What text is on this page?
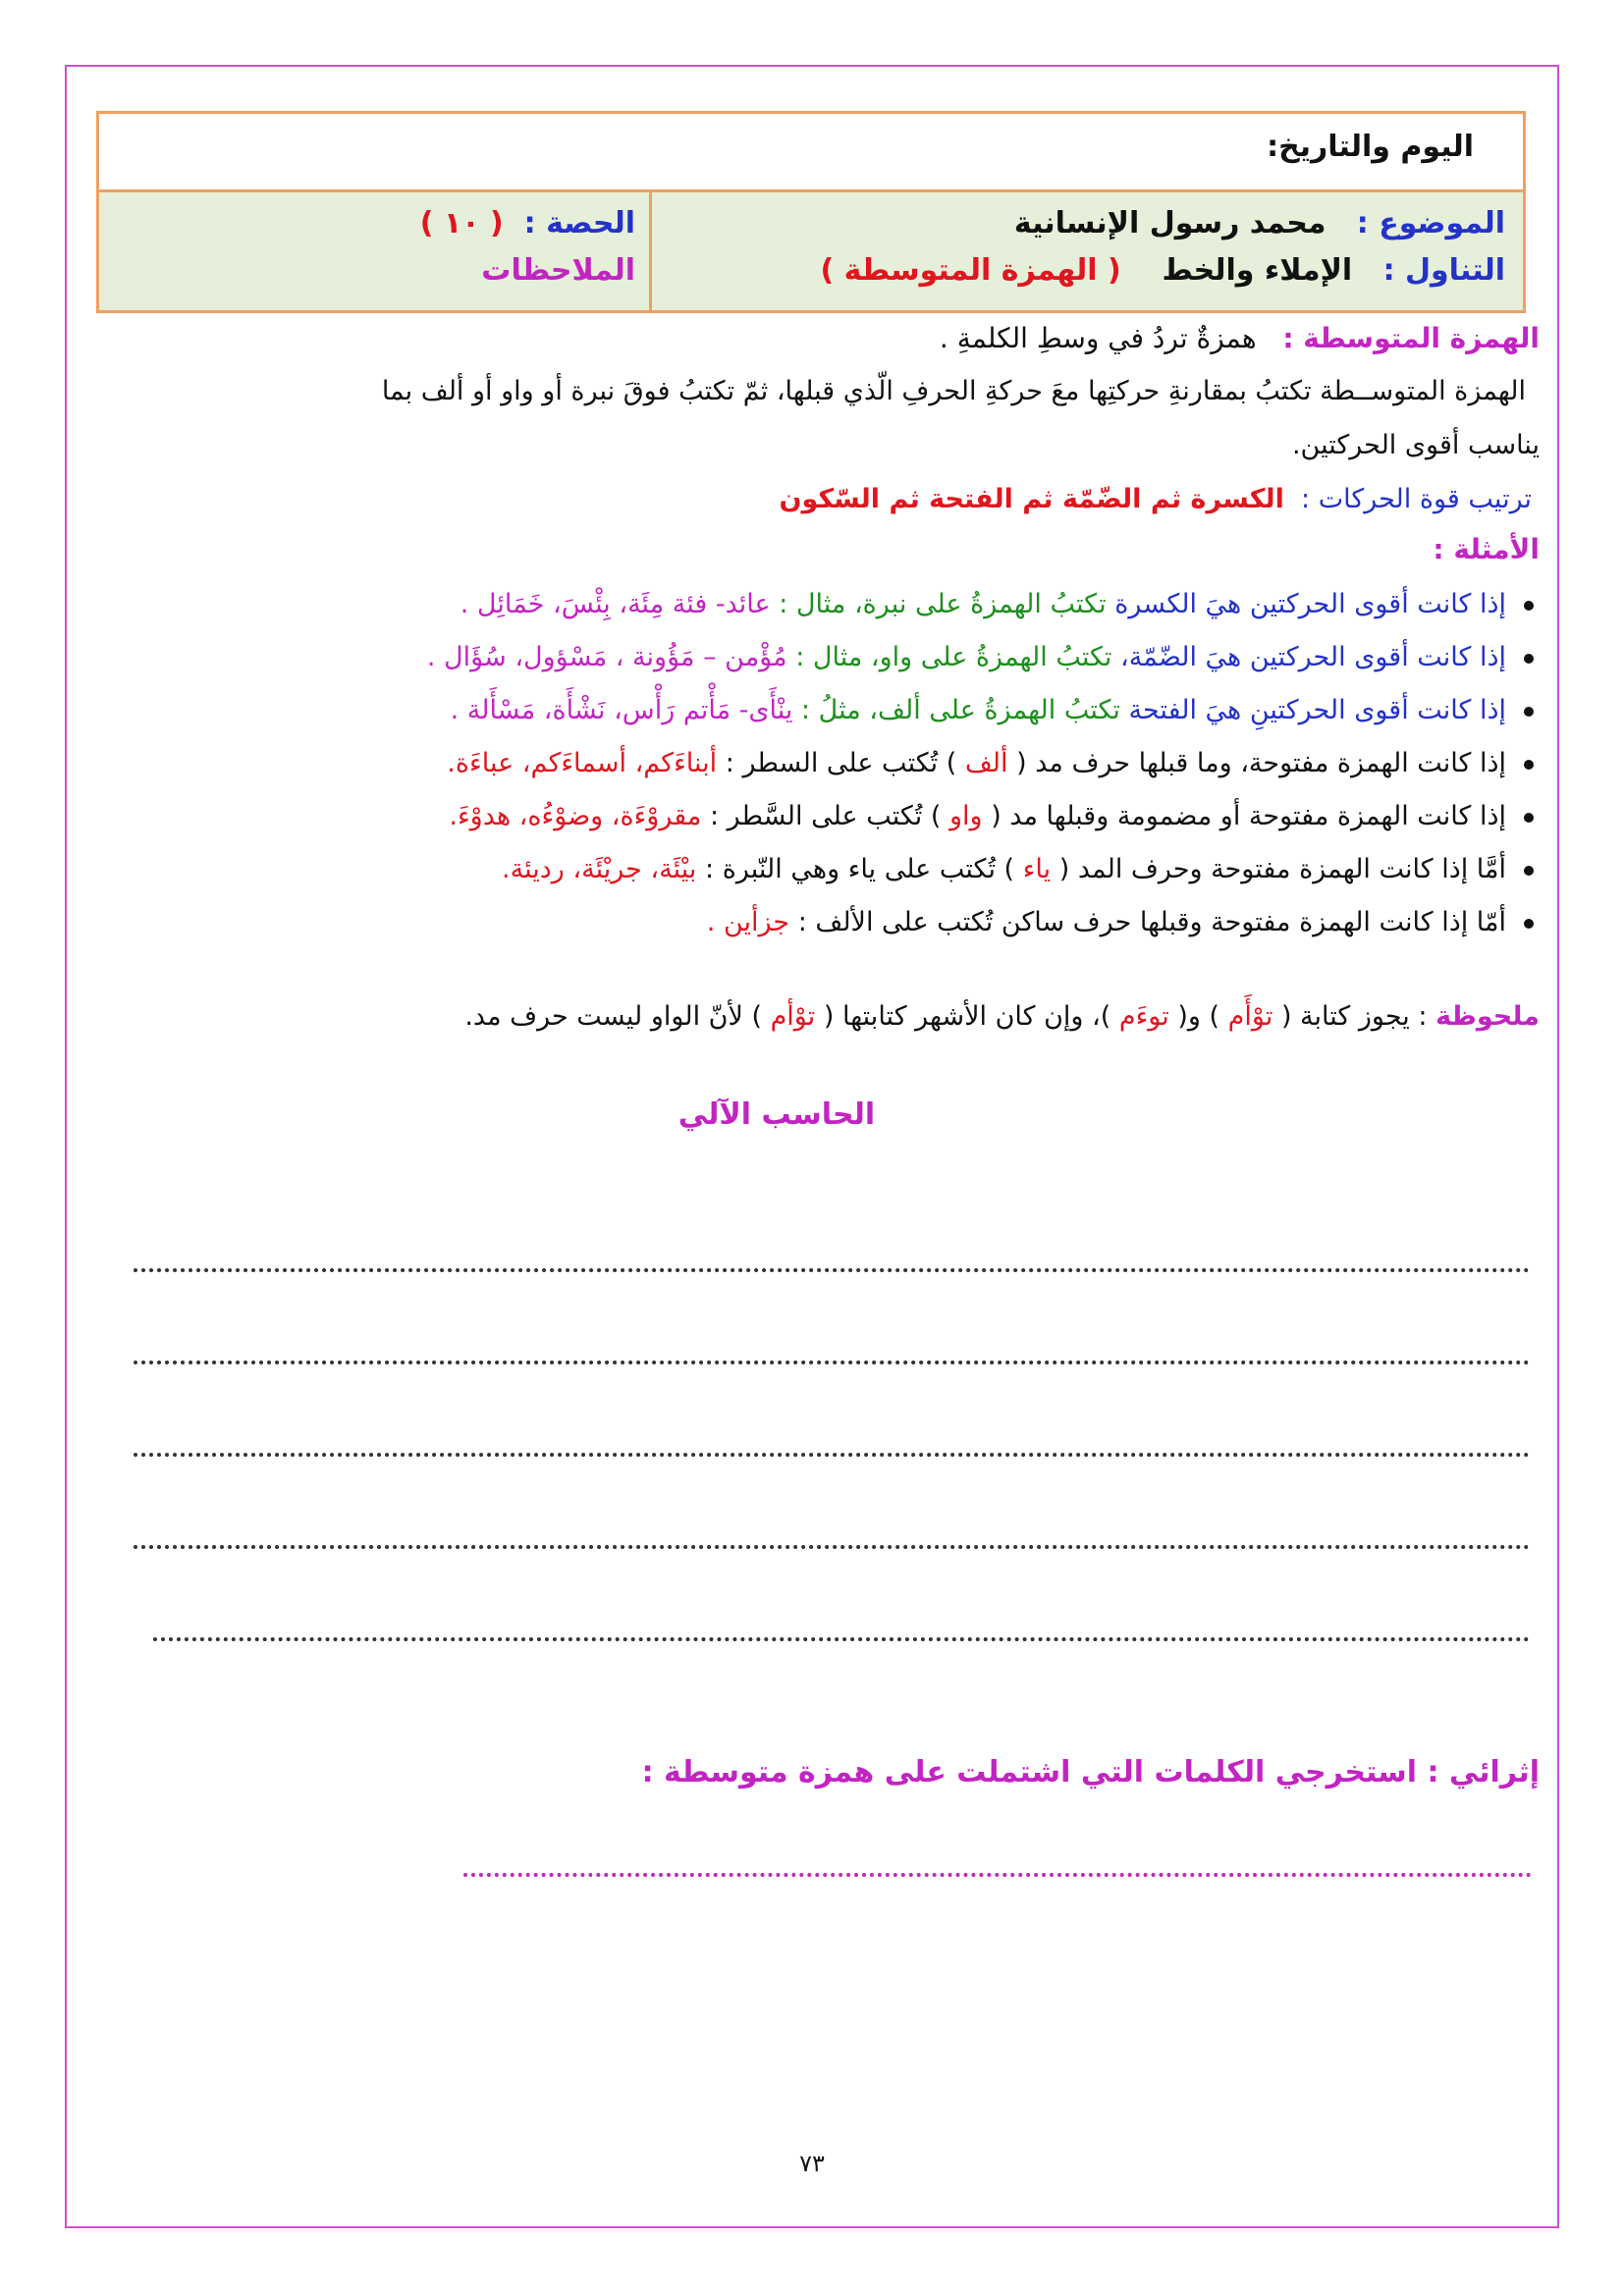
اليوم والتاريخ:
الموضوع :   محمد رسول الإنسانية
التناول :   الإملاء والخط    ( الهمزة المتوسطة )
الحصة :  ( ١٠ )
الملاحظات
الهمزة المتوسطة :   همزةٌ تردُ في وسطِ الكلمةِ .
الهمزة المتوســطة تكتبُ بمقارنةِ حركتِها معَ حركةِ الحرفِ الّذي قبلها، ثمّ تكتبُ فوقَ نبرة أو واو أو ألف بما
يناسب أقوى الحركتين.
ترتيب قوة الحركات :  الكسرة ثم الضّمّة ثم الفتحة ثم السّكون
الأمثلة :
إذا كانت أقوى الحركتين هيَ الكسرة تكتبُ الهمزةُ على نبرة، مثال : عائد- فئة مِئَة، بِئْسَ، خَمَائِل .
إذا كانت أقوى الحركتين هيَ الضّمّة، تكتبُ الهمزةُ على واو، مثال : مُؤْمن – مَؤُونة ، مَسْؤول، سُؤَال .
إذا كانت أقوى الحركتينِ هيَ الفتحة تكتبُ الهمزةُ على ألف، مثلُ : ينْأَى- مَأْتم رَأْس، نَشْأَة، مَسْأَلة .
إذا كانت الهمزة مفتوحة، وما قبلها حرف مد ( ألف ) تُكتب على السطر : أبناءَكم، أسماءَكم، عباءَة.
إذا كانت الهمزة مفتوحة أو مضمومة وقبلها مد ( واو ) تُكتب على السَّطر : مقروْءَة، وضوْءُه، هدوْءَ.
أمَّا إذا كانت الهمزة مفتوحة وحرف المد ( ياء ) تُكتب على ياء وهي النّبرة : بيْئَة، جريْئَة، رديئة.
أمّا إذا كانت الهمزة مفتوحة وقبلها حرف ساكن تُكتب على الألف : جزأين .
ملحوظة : يجوز كتابة ( توْأَم ) و( توءَم )، وإن كان الأشهر كتابتها ( توْأم ) لأنّ الواو ليست حرف مد.
الحاسب الآلي
إثرائي : استخرجي الكلمات التي اشتملت على همزة متوسطة :
٧٣
